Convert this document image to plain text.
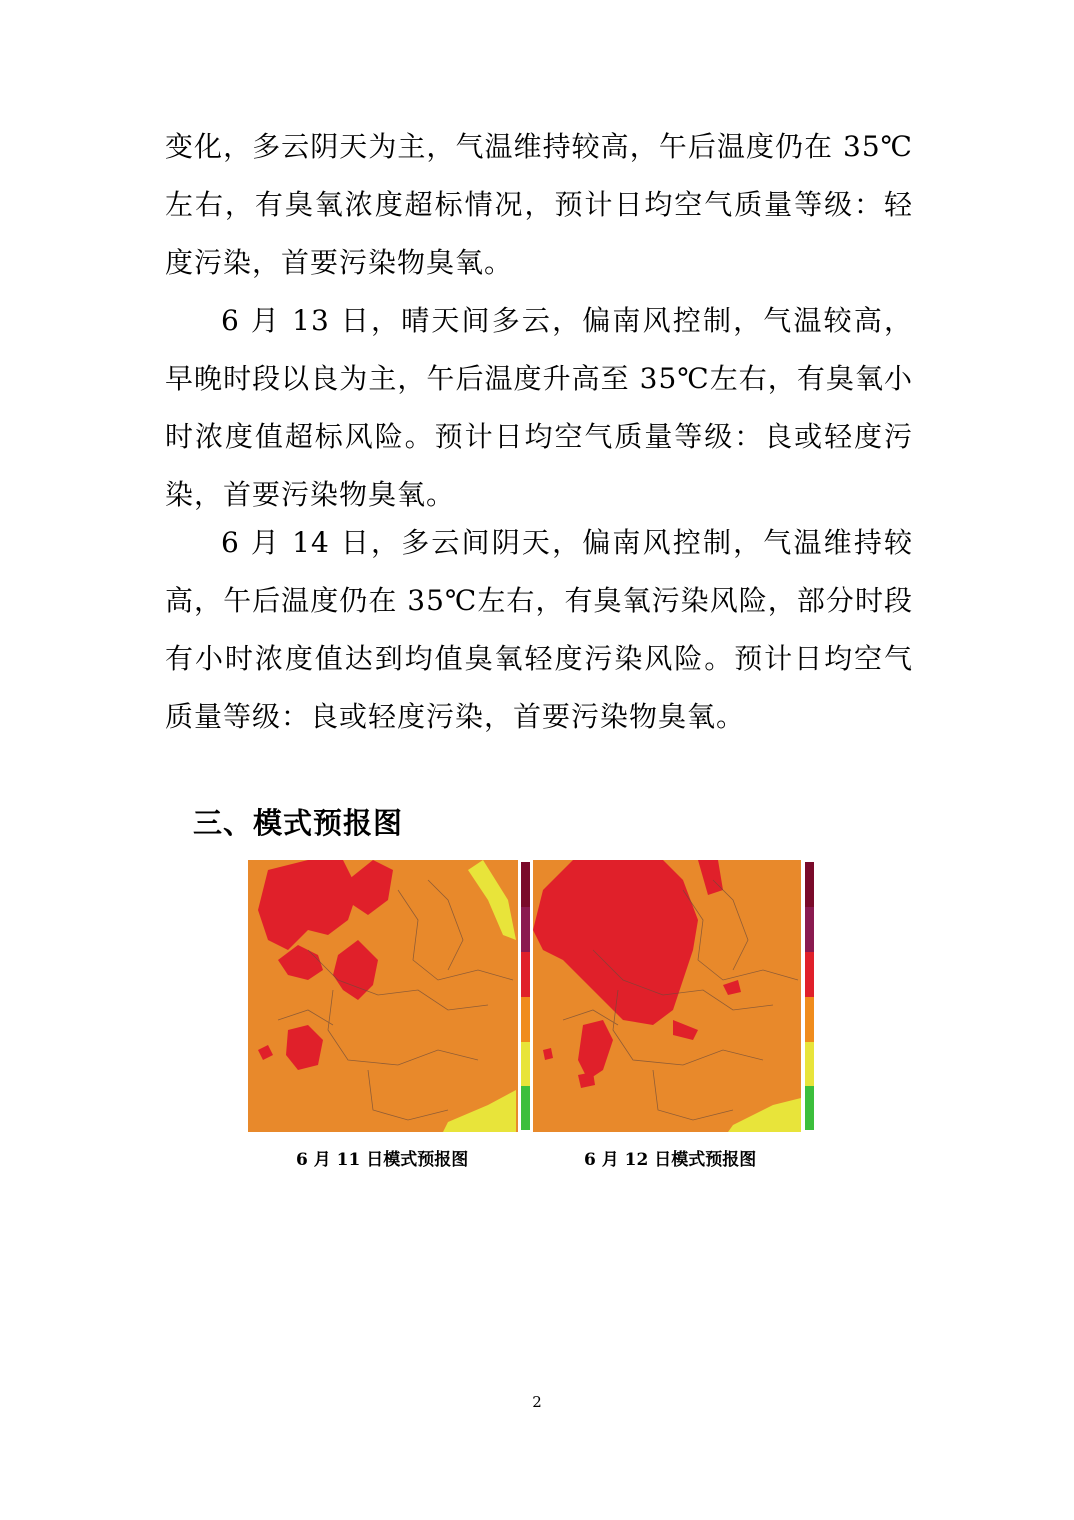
变化，多云阴天为主，气温维持较高，午后温度仍在 35℃左右，有臭氧浓度超标情况，预计日均空气质量等级：轻度污染，首要污染物臭氧。

6 月 13 日，晴天间多云，偏南风控制，气温较高，早晚时段以良为主，午后温度升高至 35℃左右，有臭氧小时浓度值超标风险。预计日均空气质量等级：良或轻度污染，首要污染物臭氧。

6 月 14 日，多云间阴天，偏南风控制，气温维持较高，午后温度仍在 35℃左右，有臭氧污染风险，部分时段有小时浓度值达到均值臭氧轻度污染风险。预计日均空气质量等级：良或轻度污染，首要污染物臭氧。

三、模式预报图
6 月 11 日模式预报图	6 月 12 日模式预报图
2
